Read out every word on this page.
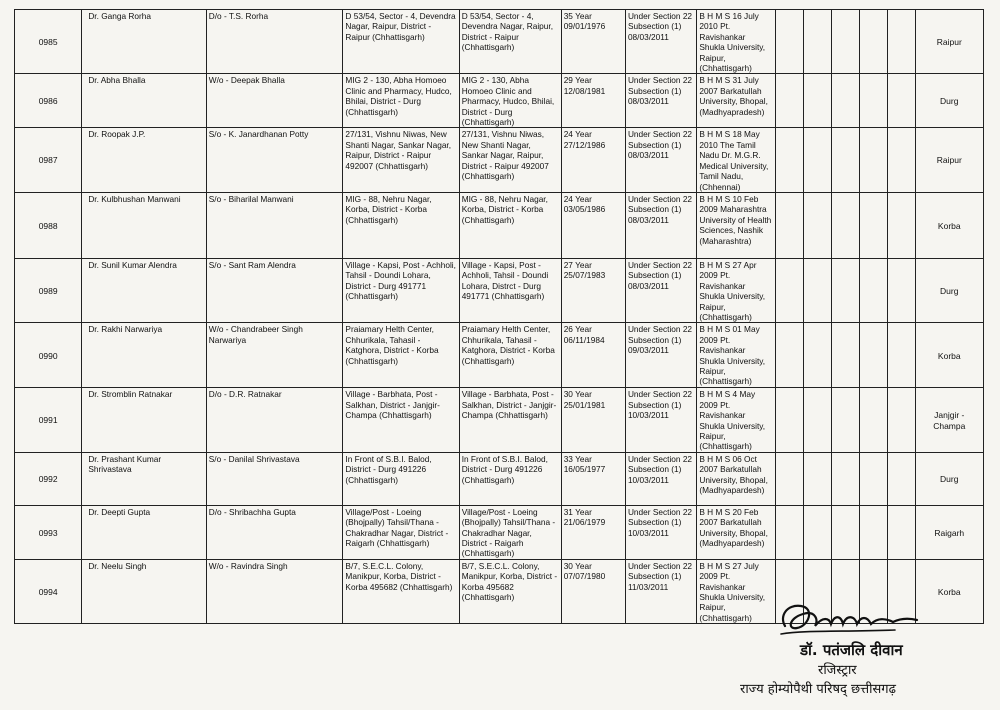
0985	Dr. Ganga Rorha	D/o - T.S. Rorha	D 53/54, Sector - 4, Devendra Nagar, Raipur, District - Raipur (Chhattisgarh)	D 53/54, Sector - 4, Devendra Nagar, Raipur, District - Raipur (Chhattisgarh)	35 Year 09/01/1976	Under Section 22 Subsection (1) 08/03/2011	B H M S 16 July 2010 Pt. Ravishankar Shukla University, Raipur, (Chhattisgarh)						Raipur
0986	Dr. Abha Bhalla	W/o - Deepak Bhalla	MIG 2 - 130, Abha Homoeo Clinic and Pharmacy, Hudco, Bhilai, District - Durg (Chhattisgarh)	MIG 2 - 130, Abha Homoeo Clinic and Pharmacy, Hudco, Bhilai, District - Durg (Chhattisgarh)	29 Year 12/08/1981	Under Section 22 Subsection (1) 08/03/2011	B H M S 31 July 2007 Barkatullah University, Bhopal, (Madhyapradesh)						Durg
0987	Dr. Roopak J.P.	S/o - K. Janardhanan Potty	27/131, Vishnu Niwas, New Shanti Nagar, Sankar Nagar, Raipur, District - Raipur 492007 (Chhattisgarh)	27/131, Vishnu Niwas, New Shanti Nagar, Sankar Nagar, Raipur, District - Raipur 492007 (Chhattisgarh)	24 Year 27/12/1986	Under Section 22 Subsection (1) 08/03/2011	B H M S 18 May 2010 The Tamil Nadu Dr. M.G.R. Medical University, Tamil Nadu, (Chhennai)						Raipur
0988	Dr. Kulbhushan Manwani	S/o - Biharilal Manwani	MIG - 88, Nehru Nagar, Korba, District - Korba (Chhattisgarh)	MIG - 88, Nehru Nagar, Korba, District - Korba (Chhattisgarh)	24 Year 03/05/1986	Under Section 22 Subsection (1) 08/03/2011	B H M S 10 Feb 2009 Maharashtra University of Health Sciences, Nashik (Maharashtra)						Korba
0989	Dr. Sunil Kumar Alendra	S/o - Sant Ram Alendra	Village - Kapsi, Post - Achholi, Tahsil - Doundi Lohara, District - Durg 491771 (Chhattisgarh)	Village - Kapsi, Post - Achholi, Tahsil - Doundi Lohara, Distrct - Durg 491771 (Chhattisgarh)	27 Year 25/07/1983	Under Section 22 Subsection (1) 08/03/2011	B H M S 27 Apr 2009 Pt. Ravishankar Shukla University, Raipur, (Chhattisgarh)						Durg
0990	Dr. Rakhi Narwariya	W/o - Chandrabeer Singh Narwariya	Praiamary Helth Center, Chhurikala, Tahasil - Katghora, District - Korba (Chhattisgarh)	Praiamary Helth Center, Chhurikala, Tahasil - Katghora, District - Korba (Chhattisgarh)	26 Year 06/11/1984	Under Section 22 Subsection (1) 09/03/2011	B H M S 01 May 2009 Pt. Ravishankar Shukla University, Raipur, (Chhattisgarh)						Korba
0991	Dr. Stromblin Ratnakar	D/o - D.R. Ratnakar	Village - Barbhata, Post - Salkhan, District - Janjgir-Champa (Chhattisgarh)	Village - Barbhata, Post - Salkhan, District - Janjgir-Champa (Chhattisgarh)	30 Year 25/01/1981	Under Section 22 Subsection (1) 10/03/2011	B H M S 4 May 2009 Pt. Ravishankar Shukla University, Raipur, (Chhattisgarh)						Janjgir - Champa
0992	Dr. Prashant Kumar Shrivastava	S/o - Danilal Shrivastava	In Front of S.B.I. Balod, District - Durg 491226 (Chhattisgarh)	In Front of S.B.I. Balod, District - Durg 491226 (Chhattisgarh)	33 Year 16/05/1977	Under Section 22 Subsection (1) 10/03/2011	B H M S 06 Oct 2007 Barkatullah University, Bhopal, (Madhyapardesh)						Durg
0993	Dr. Deepti Gupta	D/o - Shribachha Gupta	Village/Post - Loeing (Bhojpally) Tahsil/Thana - Chakradhar Nagar, District - Raigarh (Chhattisgarh)	Village/Post - Loeing (Bhojpally) Tahsil/Thana - Chakradhar Nagar, District - Raigarh (Chhattisgarh)	31 Year 21/06/1979	Under Section 22 Subsection (1) 10/03/2011	B H M S 20 Feb 2007 Barkatullah University, Bhopal, (Madhyapardesh)						Raigarh
0994	Dr. Neelu Singh	W/o - Ravindra Singh	B/7, S.E.C.L. Colony, Manikpur, Korba, District - Korba 495682 (Chhattisgarh)	B/7, S.E.C.L. Colony, Manikpur, Korba, District - Korba 495682 (Chhattisgarh)	30 Year 07/07/1980	Under Section 22 Subsection (1) 11/03/2011	B H M S 27 July 2009 Pt. Ravishankar Shukla University, Raipur, (Chhattisgarh)						Korba
डॉ. पतंजलि दीवान
रजिस्ट्रार
राज्य होम्योपैथी परिषद् छत्तीसगढ़
